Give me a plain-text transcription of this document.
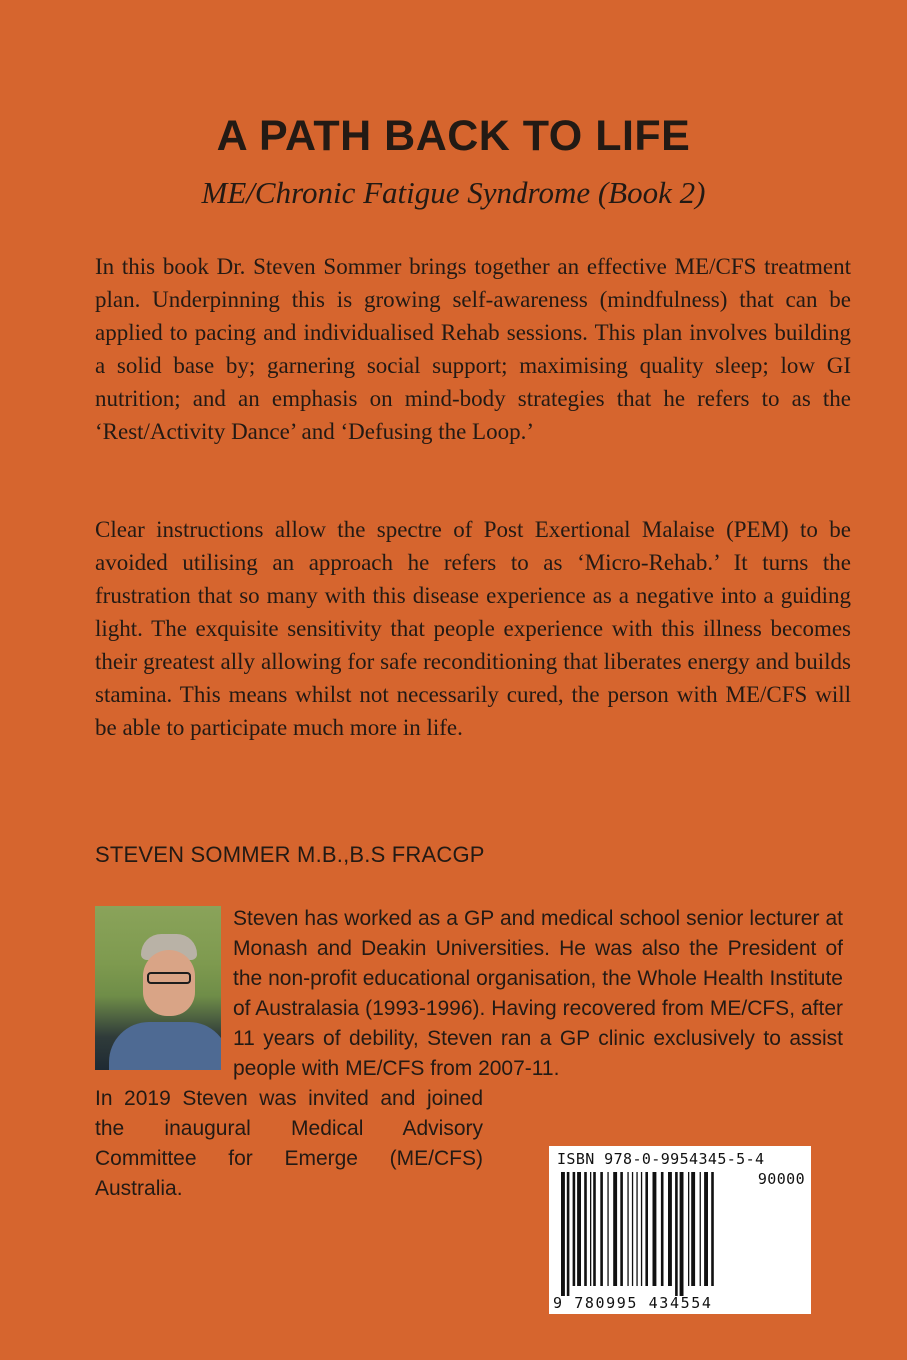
A PATH BACK TO LIFE
ME/Chronic Fatigue Syndrome (Book 2)
In this book Dr. Steven Sommer brings together an effective ME/CFS treatment plan. Underpinning this is growing self-awareness (mindfulness) that can be applied to pacing and individualised Rehab sessions. This plan involves building a solid base by; garnering social support; maximising quality sleep; low GI nutrition; and an emphasis on mind-body strategies that he refers to as the ‘Rest/Activity Dance’ and ‘Defusing the Loop.’
Clear instructions allow the spectre of Post Exertional Malaise (PEM) to be avoided utilising an approach he refers to as ‘Micro-Rehab.’ It turns the frustration that so many with this disease experience as a negative into a guiding light. The exquisite sensitivity that people experience with this illness becomes their greatest ally allowing for safe reconditioning that liberates energy and builds stamina. This means whilst not necessarily cured, the person with ME/CFS will be able to participate much more in life.
STEVEN SOMMER M.B.,B.S FRACGP
Steven has worked as a GP and medical school senior lecturer at Monash and Deakin Universities. He was also the President of the non-profit educational organisation, the Whole Health Institute of Australasia (1993-1996). Having recovered from ME/CFS, after 11 years of debility, Steven ran a GP clinic exclusively to assist people with ME/CFS from 2007-11.
In 2019 Steven was invited and joined the inaugural Medical Advisory Committee for Emerge (ME/CFS) Australia.
ISBN 978-0-9954345-5-4
90000
9 780995 434554
